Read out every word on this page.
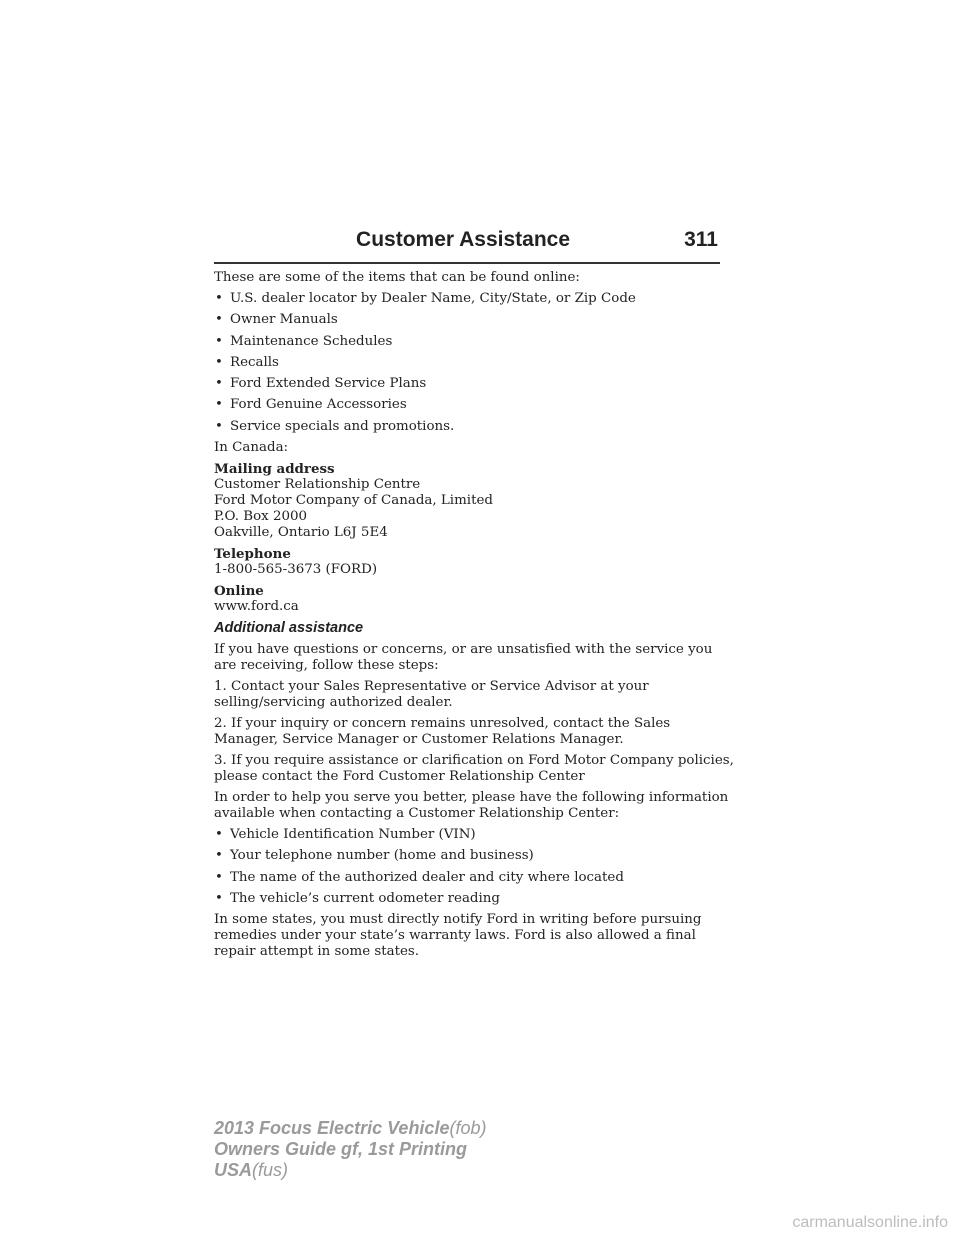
Customer Assistance	311

These are some of the items that can be found online:

• U.S. dealer locator by Dealer Name, City/State, or Zip Code
• Owner Manuals
• Maintenance Schedules
• Recalls
• Ford Extended Service Plans
• Ford Genuine Accessories
• Service specials and promotions.

In Canada:

Mailing address
Customer Relationship Centre
Ford Motor Company of Canada, Limited
P.O. Box 2000
Oakville, Ontario L6J 5E4
Telephone
1-800-565-3673 (FORD)
Online
www.ford.ca
Additional assistance

If you have questions or concerns, or are unsatisfied with the service you are receiving, follow these steps:

1. Contact your Sales Representative or Service Advisor at your selling/servicing authorized dealer.

2. If your inquiry or concern remains unresolved, contact the Sales Manager, Service Manager or Customer Relations Manager.

3. If you require assistance or clarification on Ford Motor Company policies, please contact the Ford Customer Relationship Center

In order to help you serve you better, please have the following information available when contacting a Customer Relationship Center:

• Vehicle Identification Number (VIN)
• Your telephone number (home and business)
• The name of the authorized dealer and city where located
• The vehicle’s current odometer reading

In some states, you must directly notify Ford in writing before pursuing remedies under your state’s warranty laws. Ford is also allowed a final repair attempt in some states.

2013 Focus Electric Vehicle(fob)
Owners Guide gf, 1st Printing
USA(fus)
carmanualsonline.info
